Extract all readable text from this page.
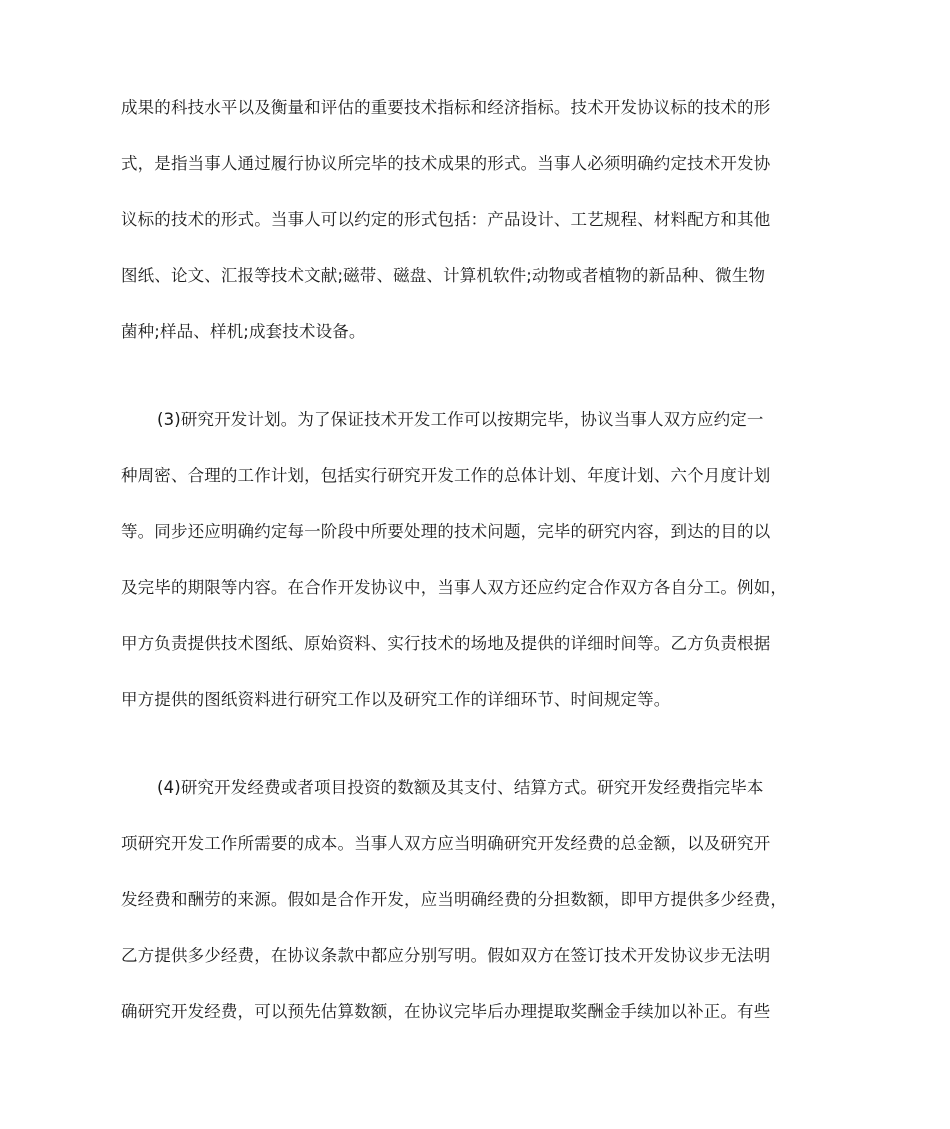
成果的科技水平以及衡量和评估的重要技术指标和经济指标。技术开发协议标的技术的形
式，是指当事人通过履行协议所完毕的技术成果的形式。当事人必须明确约定技术开发协
议标的技术的形式。当事人可以约定的形式包括：产品设计、工艺规程、材料配方和其他
图纸、论文、汇报等技术文献;磁带、磁盘、计算机软件;动物或者植物的新品种、微生物
菌种;样品、样机;成套技术设备。
(3)研究开发计划。为了保证技术开发工作可以按期完毕，协议当事人双方应约定一
种周密、合理的工作计划，包括实行研究开发工作的总体计划、年度计划、六个月度计划
等。同步还应明确约定每一阶段中所要处理的技术问题，完毕的研究内容，到达的目的以
及完毕的期限等内容。在合作开发协议中，当事人双方还应约定合作双方各自分工。例如，
甲方负责提供技术图纸、原始资料、实行技术的场地及提供的详细时间等。乙方负责根据
甲方提供的图纸资料进行研究工作以及研究工作的详细环节、时间规定等。
(4)研究开发经费或者项目投资的数额及其支付、结算方式。研究开发经费指完毕本
项研究开发工作所需要的成本。当事人双方应当明确研究开发经费的总金额，以及研究开
发经费和酬劳的来源。假如是合作开发，应当明确经费的分担数额，即甲方提供多少经费，
乙方提供多少经费，在协议条款中都应分别写明。假如双方在签订技术开发协议步无法明
确研究开发经费，可以预先估算数额，在协议完毕后办理提取奖酬金手续加以补正。有些
